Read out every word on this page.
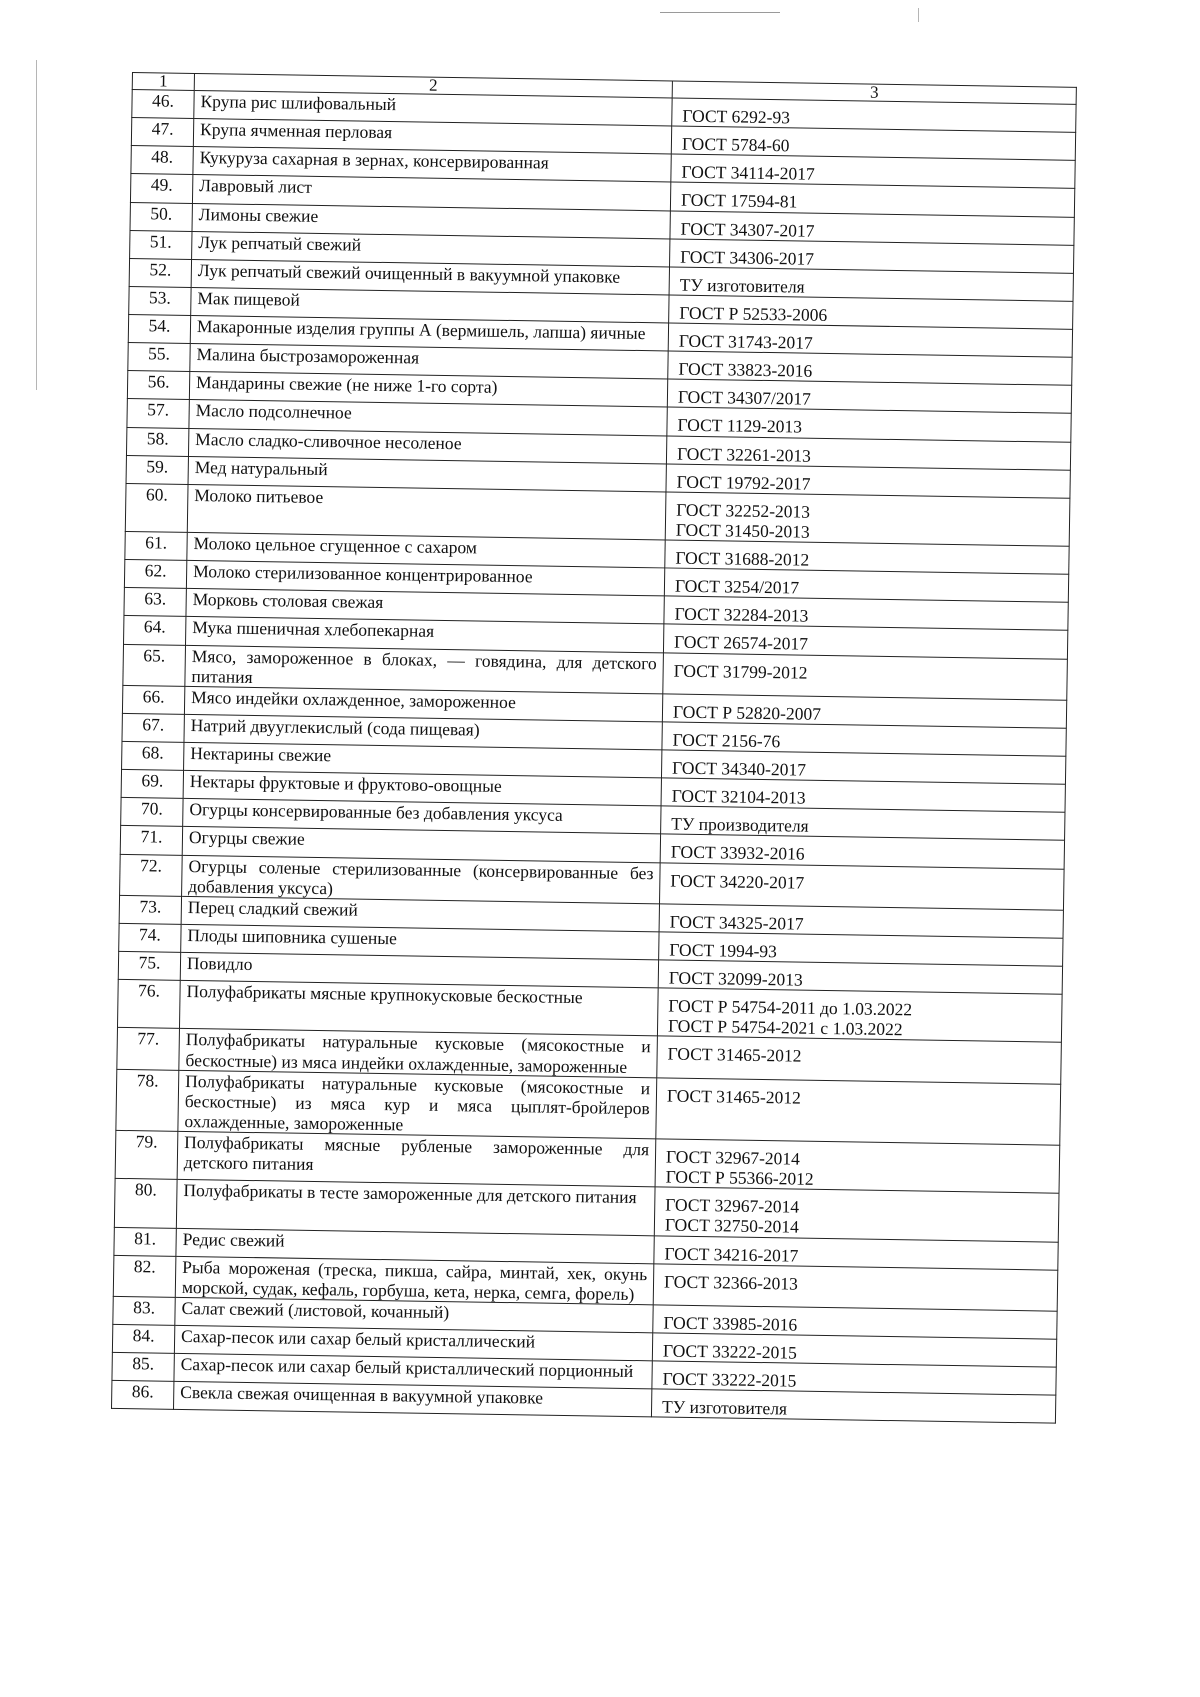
1	2	3
46.	Крупа рис шлифовальный	ГОСТ 6292-93

47.	Крупа ячменная перловая	ГОСТ 5784-60

48.	Кукуруза сахарная в зернах, консервированная	ГОСТ 34114-2017

49.	Лавровый лист	ГОСТ 17594-81

50.	Лимоны свежие	ГОСТ 34307-2017

51.	Лук репчатый свежий	ГОСТ 34306-2017

52.	Лук репчатый свежий очищенный в вакуумной упаковке	ТУ изготовителя

53.	Мак пищевой	ГОСТ Р 52533-2006

54.	Макаронные изделия группы А (вермишель, лапша) яичные	ГОСТ 31743-2017

55.	Малина быстрозамороженная	ГОСТ 33823-2016

56.	Мандарины свежие (не ниже 1-го сорта)	ГОСТ 34307/2017

57.	Масло подсолнечное	ГОСТ 1129-2013

58.	Масло сладко-сливочное несоленое	ГОСТ 32261-2013

59.	Мед натуральный	ГОСТ 19792-2017

60.	Молоко питьевое	ГОСТ 32252-2013
ГОСТ 31450-2013

61.	Молоко цельное сгущенное с сахаром	ГОСТ 31688-2012

62.	Молоко стерилизованное концентрированное	ГОСТ 3254/2017

63.	Морковь столовая свежая	ГОСТ 32284-2013

64.	Мука пшеничная хлебопекарная	ГОСТ 26574-2017

65.	Мясо, замороженное в блоках, — говядина, для детского питания	ГОСТ 31799-2012

66.	Мясо индейки охлажденное, замороженное	ГОСТ Р 52820-2007

67.	Натрий двууглекислый (сода пищевая)	ГОСТ 2156-76

68.	Нектарины свежие	ГОСТ 34340-2017

69.	Нектары фруктовые и фруктово-овощные	ГОСТ 32104-2013

70.	Огурцы консервированные без добавления уксуса	ТУ производителя

71.	Огурцы свежие	ГОСТ 33932-2016

72.	Огурцы соленые стерилизованные (консервированные без добавления уксуса)	ГОСТ 34220-2017

73.	Перец сладкий свежий	ГОСТ 34325-2017

74.	Плоды шиповника сушеные	ГОСТ 1994-93

75.	Повидло	ГОСТ 32099-2013

76.	Полуфабрикаты мясные крупнокусковые бескостные	ГОСТ Р 54754-2011 до 1.03.2022
ГОСТ Р 54754-2021 с 1.03.2022

77.	Полуфабрикаты натуральные кусковые (мясокостные и бескостные) из мяса индейки охлажденные, замороженные	ГОСТ 31465-2012

78.	Полуфабрикаты натуральные кусковые (мясокостные и бескостные) из мяса кур и мяса цыплят-бройлеров охлажденные, замороженные	ГОСТ 31465-2012

79.	Полуфабрикаты мясные рубленые замороженные для детского питания	ГОСТ 32967-2014
ГОСТ Р 55366-2012

80.	Полуфабрикаты в тесте замороженные для детского питания	ГОСТ 32967-2014
ГОСТ 32750-2014

81.	Редис свежий	ГОСТ 34216-2017

82.	Рыба мороженая (треска, пикша, сайра, минтай, хек, окунь морской, судак, кефаль, горбуша, кета, нерка, семга, форель)	ГОСТ 32366-2013

83.	Салат свежий (листовой, кочанный)	ГОСТ 33985-2016

84.	Сахар-песок или сахар белый кристаллический	ГОСТ 33222-2015

85.	Сахар-песок или сахар белый кристаллический порционный	ГОСТ 33222-2015

86.	Свекла свежая очищенная в вакуумной упаковке	ТУ изготовителя
